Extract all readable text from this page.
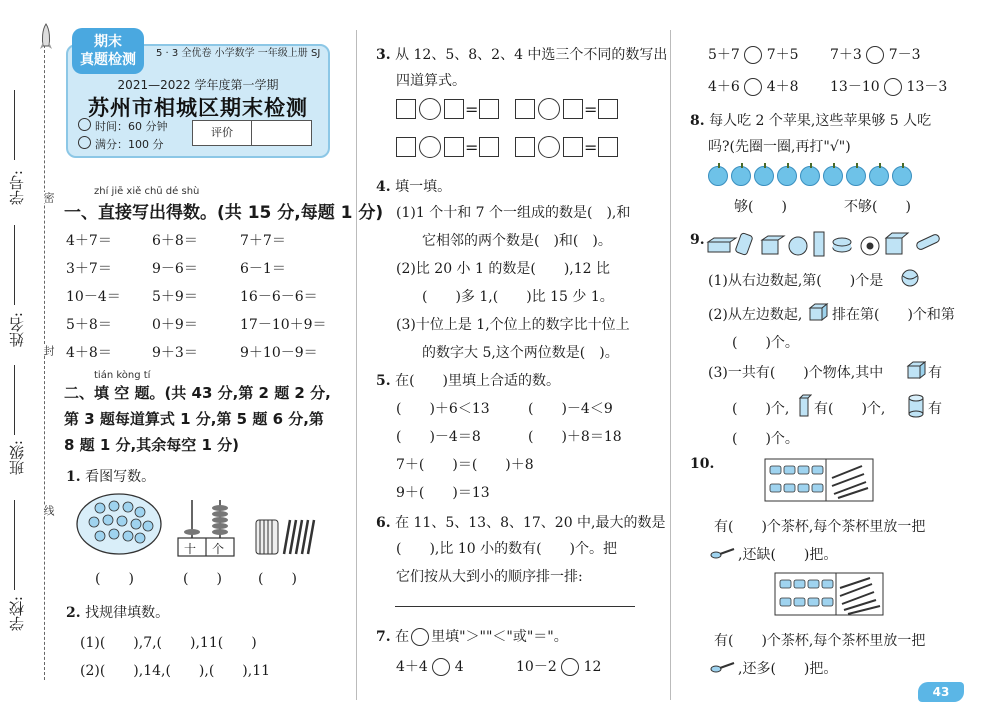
密
封
线
学号:
姓名:
班级:
学校:
2021—2022 学年度第一学期
苏州市相城区期末检测
时间：60 分钟
满分：100 分
评价
期末
真题检测	5 · 3 全优卷 小学数学 一年级上册 SJ
zhí jiē xiě chū dé shù
一、直接写出得数。(共 15 分,每题 1 分)
4＋7＝	6＋8＝	7＋7＝
3＋7＝	9－6＝	6－1＝
10－4＝ 5＋9＝	16－6－6＝
5＋8＝	0＋9＝	17－10＋9＝
4＋8＝	9＋3＝	9＋10－9＝
tián kòng tí
二、填 空 题。(共 43 分,第 2 题 2 分,
第 3 题每道算式 1 分,第 5 题 6 分,第
8 题 1 分,其余每空 1 分)
1. 看图写数。
十 个
(　　)	(　　)	(　　)
2. 找规律填数。
(1)(　　),7,(　　),11(　　)
(2)(　　),14,(　　),(　　),11
3. 从 12、5、8、2、4 中选三个不同的数写出
四道算式。
=	=
=	=
4. 填一填。
(1)1 个十和 7 个一组成的数是(　),和
它相邻的两个数是(　)和(　)。
(2)比 20 小 1 的数是(　　),12 比
(　　)多 1,(　　)比 15 少 1。
(3)十位上是 1,个位上的数字比十位上
的数字大 5,这个两位数是(　)。
5. 在(　　)里填上合适的数。
(　　)＋6＜13	(　　)－4＜9
(　　)－4＝8	(　　)＋8＝18
7＋(　　)＝(　　)＋8
9＋(　　)＝13
6. 在 11、5、13、8、17、20 中,最大的数是
(　　),比 10 小的数有(　　)个。把
它们按从大到小的顺序排一排:
7. 在 里填"＞""＜"或"＝"。
4＋4 4	10－2 12
5＋7 7＋5 7＋3 7－3
4＋6 4＋8 13－10 13－3
8. 每人吃 2 个苹果,这些苹果够 5 人吃
吗?(先圈一圈,再打"√")
够(　　)	不够(　　)
9.
(1)从右边数起,第(　　)个是
(2)从左边数起, 排在第(　　)个和第
(　　)个。
(3)一共有(　　)个物体,其中	有
(　　)个, 有(　　)个,	有
(　　)个。
10.
有(　　)个茶杯,每个茶杯里放一把
,还缺(　　)把。
有(　　)个茶杯,每个茶杯里放一把
,还多(　　)把。
43
